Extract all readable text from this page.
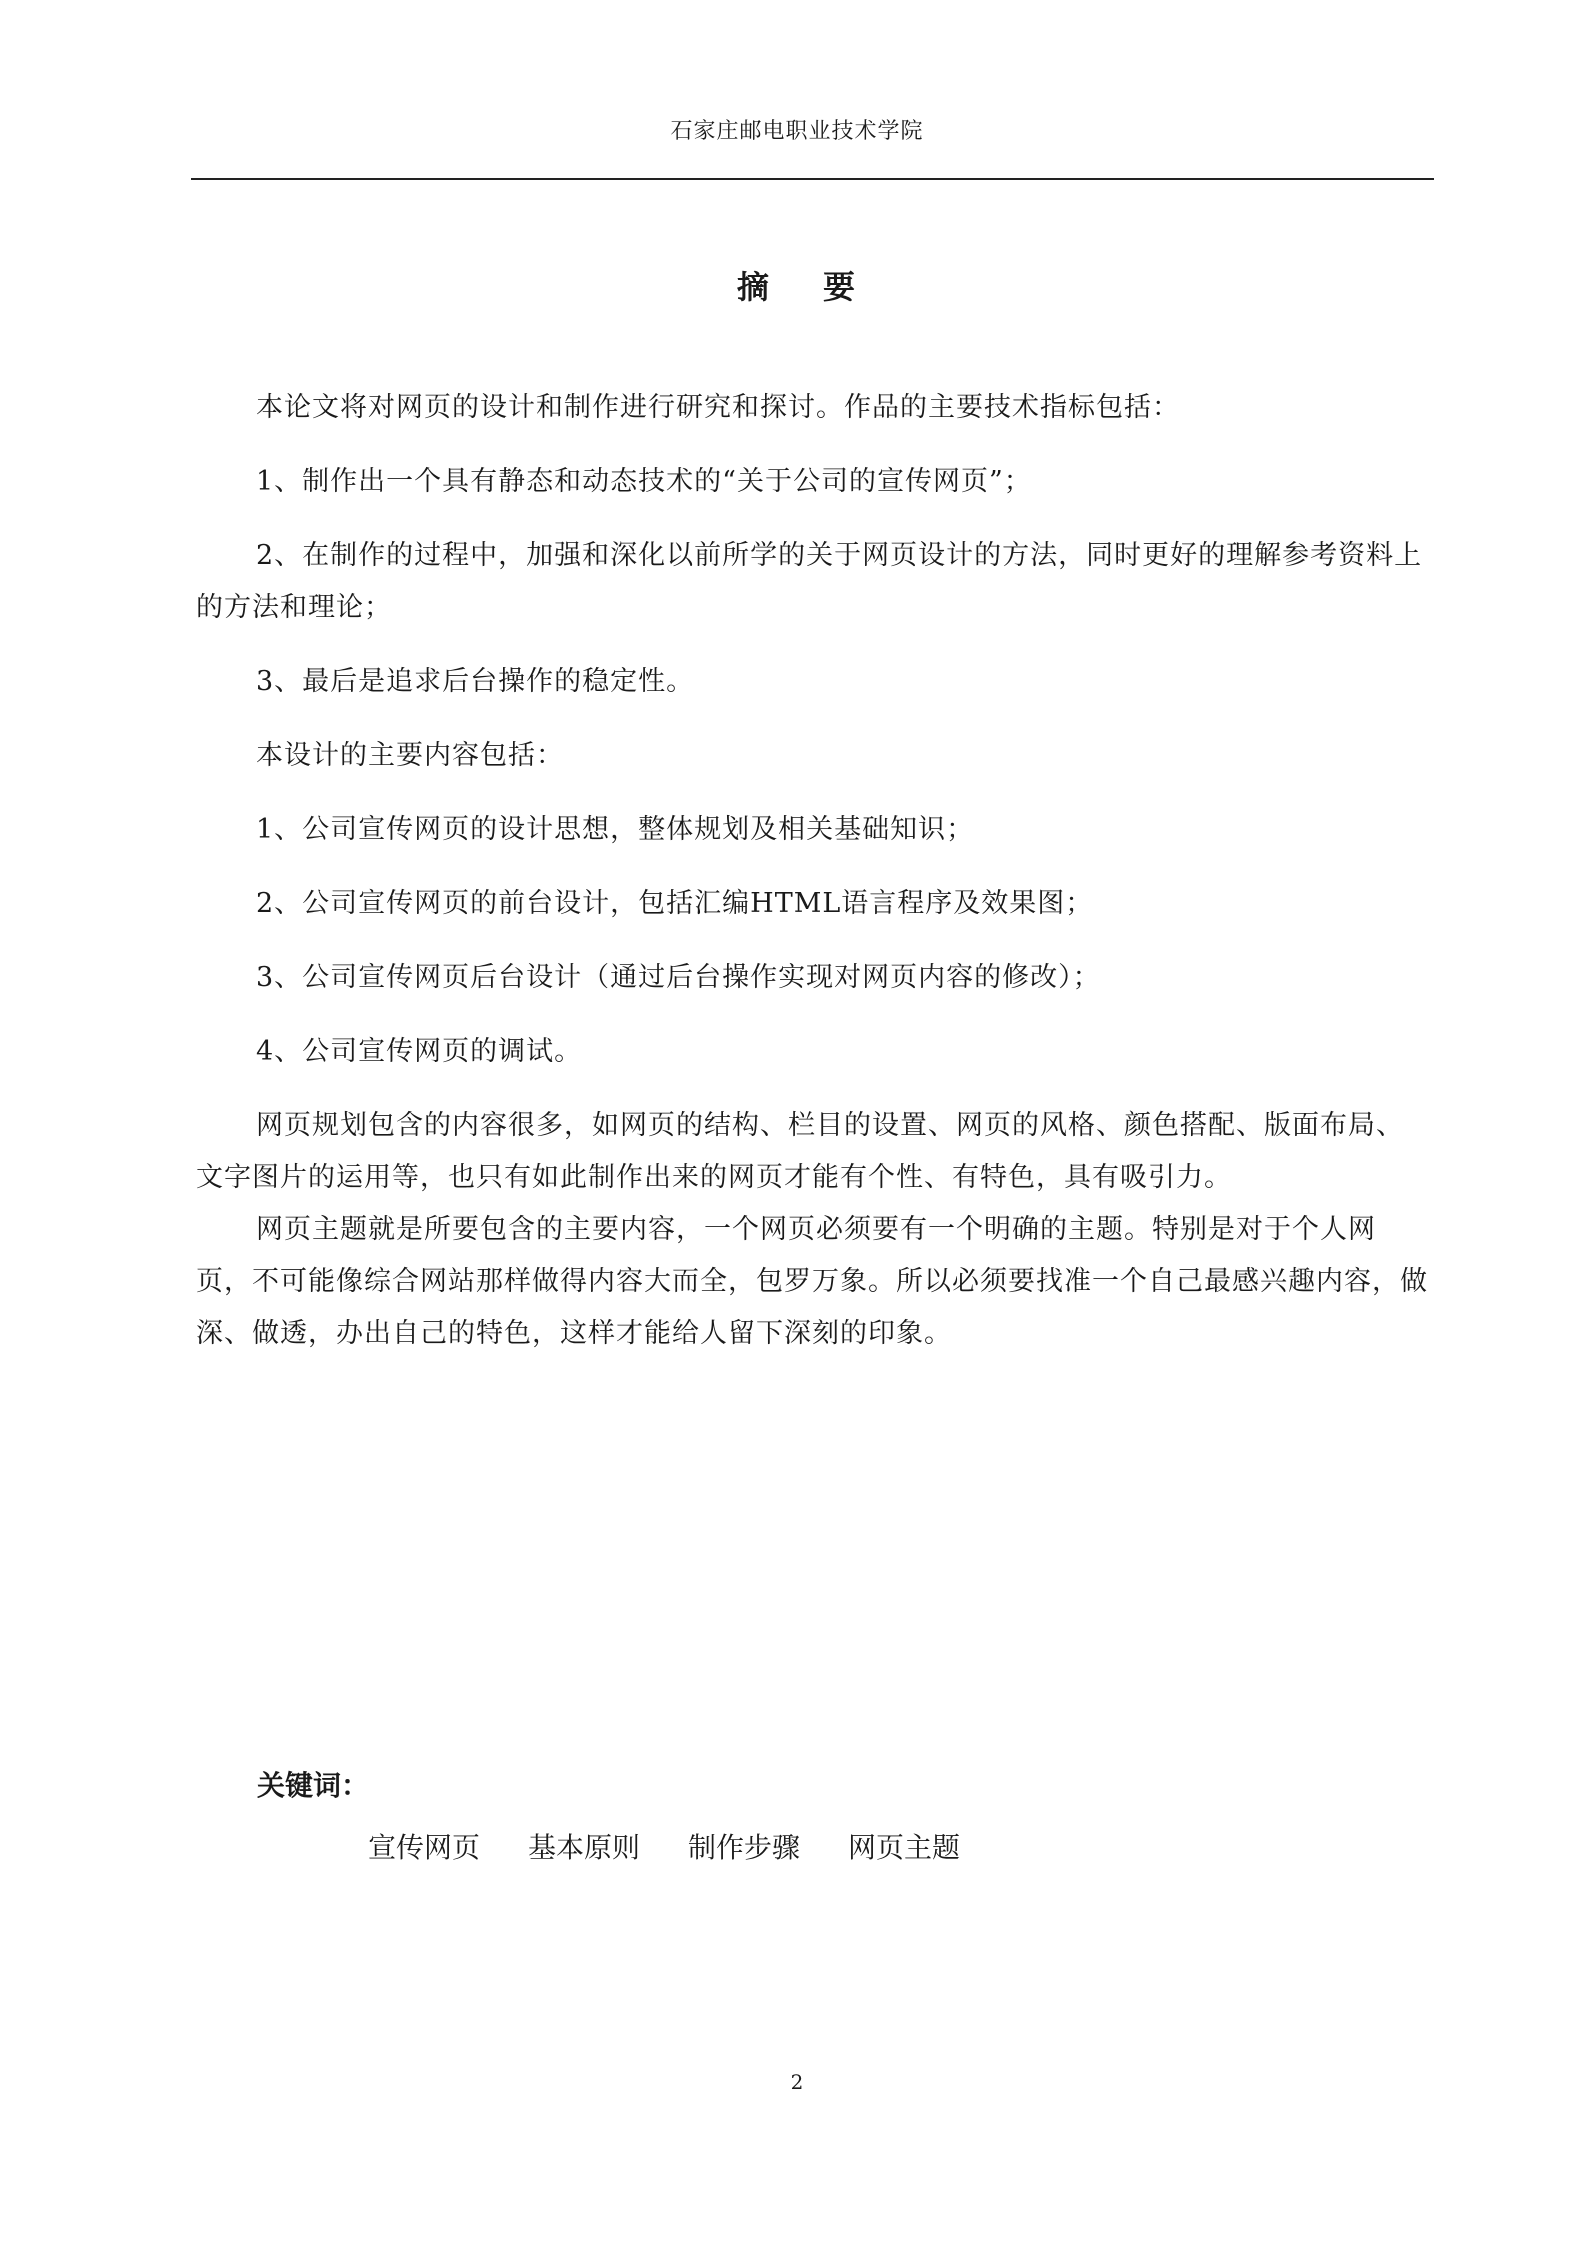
石家庄邮电职业技术学院
摘 要

本论文将对网页的设计和制作进行研究和探讨。作品的主要技术指标包括：

1、制作出一个具有静态和动态技术的“关于公司的宣传网页”；

2、在制作的过程中，加强和深化以前所学的关于网页设计的方法，同时更好的理解参考资料上的方法和理论；

3、最后是追求后台操作的稳定性。

本设计的主要内容包括：

1、公司宣传网页的设计思想，整体规划及相关基础知识；

2、公司宣传网页的前台设计，包括汇编HTML语言程序及效果图；

3、公司宣传网页后台设计（通过后台操作实现对网页内容的修改）；

4、公司宣传网页的调试。

网页规划包含的内容很多，如网页的结构、栏目的设置、网页的风格、颜色搭配、版面布局、文字图片的运用等，也只有如此制作出来的网页才能有个性、有特色，具有吸引力。

网页主题就是所要包含的主要内容，一个网页必须要有一个明确的主题。特别是对于个人网页，不可能像综合网站那样做得内容大而全，包罗万象。所以必须要找准一个自己最感兴趣内容，做深、做透，办出自己的特色，这样才能给人留下深刻的印象。

关键词：
宣传网页 基本原则 制作步骤 网页主题
2
